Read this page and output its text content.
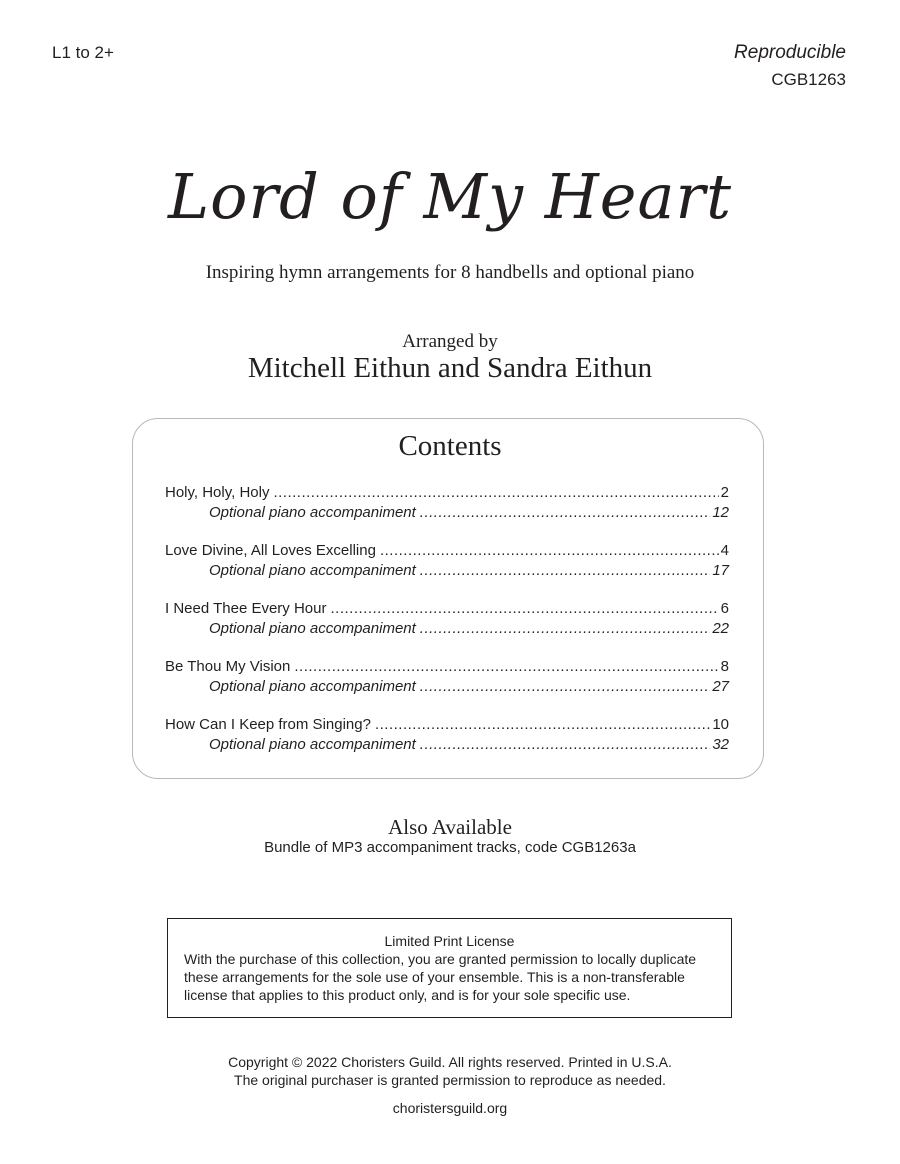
L1 to 2+	Reproducible
CGB1263
Lord of My Heart
Inspiring hymn arrangements for 8 handbells and optional piano
Arranged by
Mitchell Eithun and Sandra Eithun
Contents
Holy, Holy, Holy .....	2
Optional piano accompaniment .....	12
Love Divine, All Loves Excelling .....	4
Optional piano accompaniment .....	17
I Need Thee Every Hour .....	6
Optional piano accompaniment .....	22
Be Thou My Vision .....	8
Optional piano accompaniment .....	27
How Can I Keep from Singing? .....	10
Optional piano accompaniment .....	32
Also Available
Bundle of MP3 accompaniment tracks, code CGB1263a
Limited Print License
With the purchase of this collection, you are granted permission to locally duplicate these arrangements for the sole use of your ensemble. This is a non-transferable license that applies to this product only, and is for your sole specific use.
Copyright © 2022 Choristers Guild. All rights reserved. Printed in U.S.A.
The original purchaser is granted permission to reproduce as needed.
choristersguild.org
